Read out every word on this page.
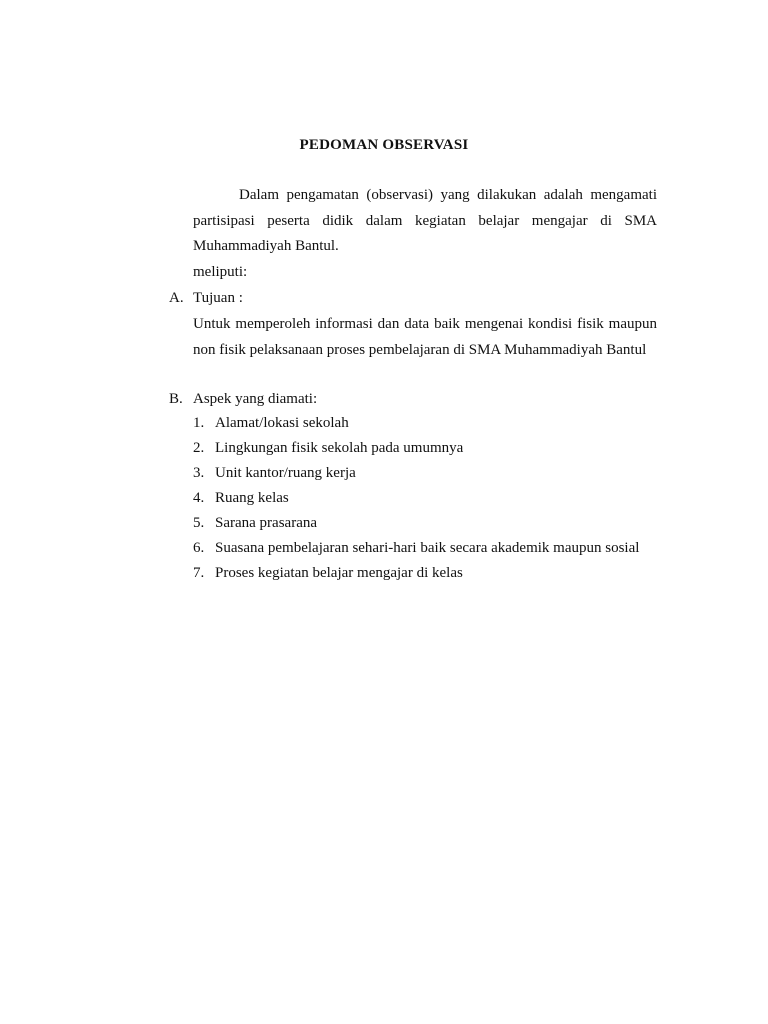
PEDOMAN OBSERVASI

Dalam pengamatan (observasi) yang dilakukan adalah mengamati partisipasi peserta didik dalam kegiatan belajar mengajar di SMA Muhammadiyah Bantul.

meliputi:
A. Tujuan :

Untuk memperoleh informasi dan data baik mengenai kondisi fisik maupun non fisik pelaksanaan proses pembelajaran di SMA Muhammadiyah Bantul

B. Aspek yang diamati:
1. Alamat/lokasi sekolah
2. Lingkungan fisik sekolah pada umumnya
3. Unit kantor/ruang kerja
4. Ruang kelas
5. Sarana prasarana
6. Suasana pembelajaran sehari-hari baik secara akademik maupun sosial
7. Proses kegiatan belajar mengajar di kelas
